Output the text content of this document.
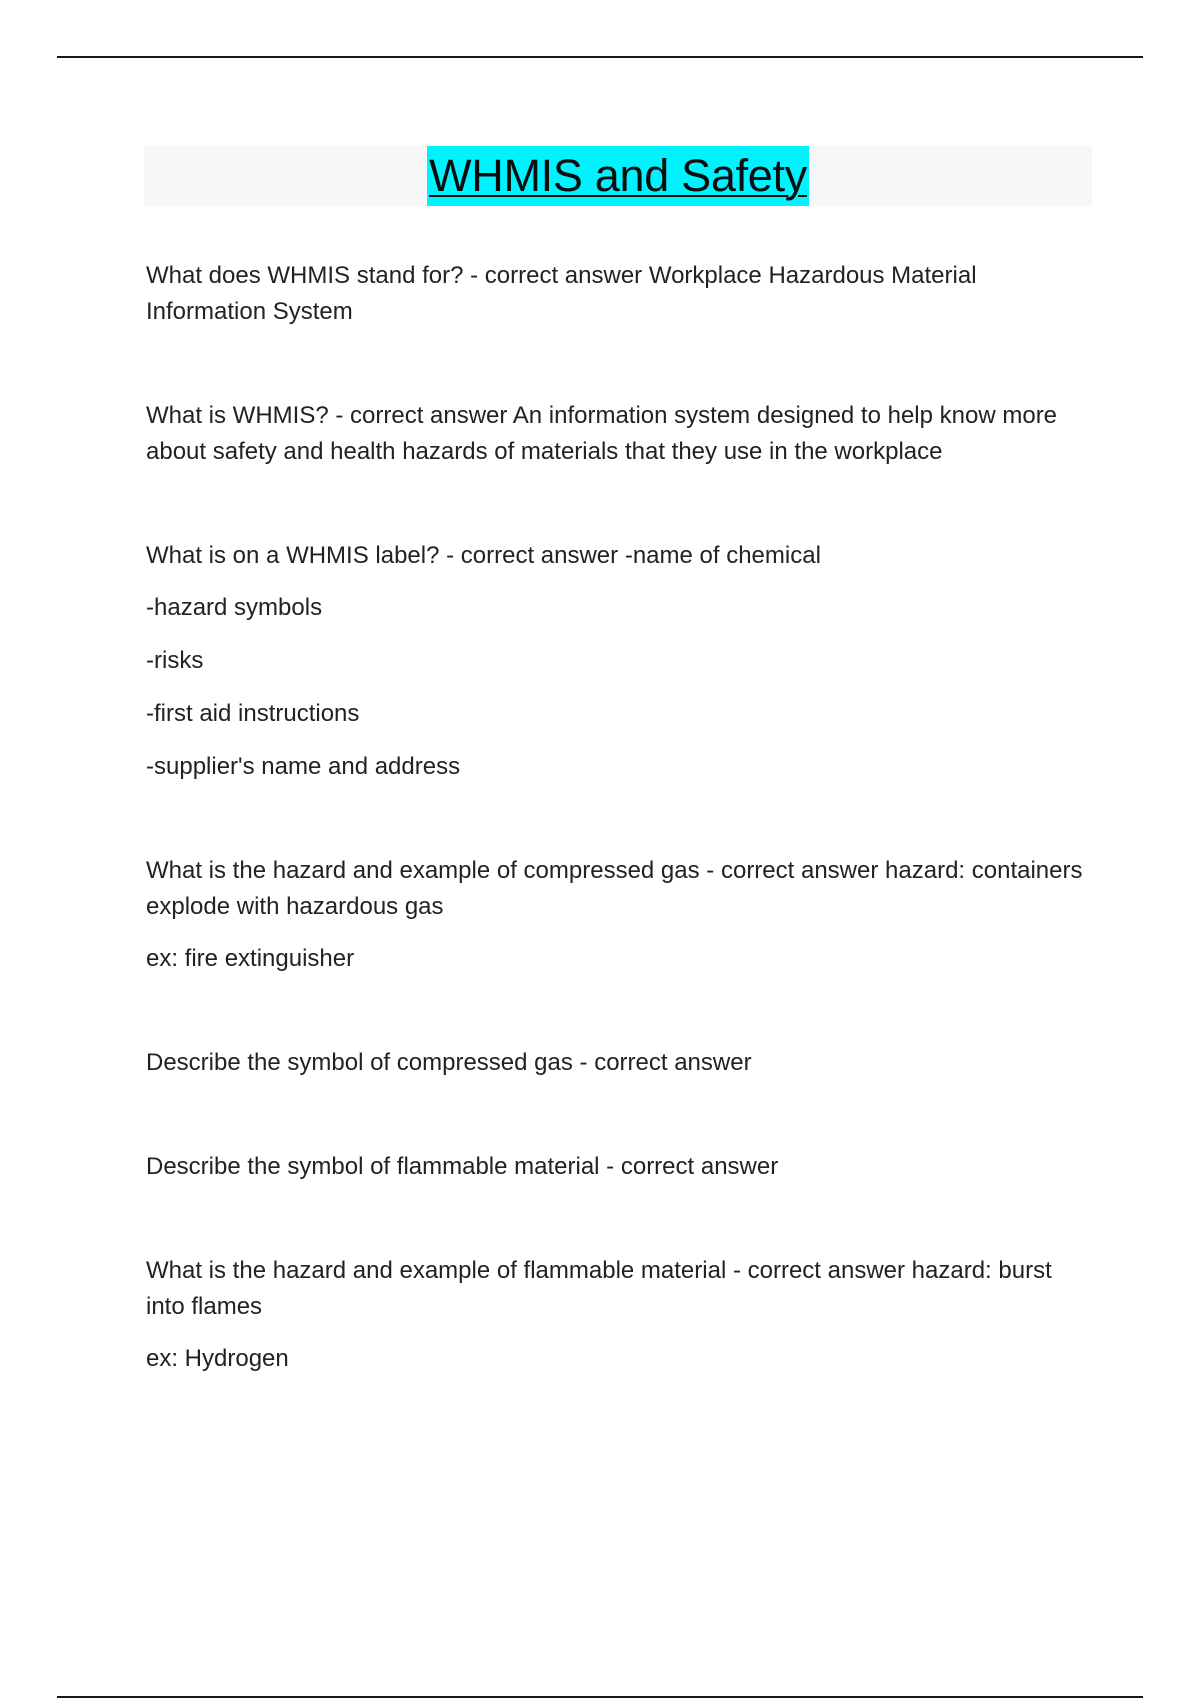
WHMIS and Safety
What does WHMIS stand for? - correct answer Workplace Hazardous Material Information System
What is WHMIS? - correct answer An information system designed to help know more about safety and health hazards of materials that they use in the workplace
What is on a WHMIS label? - correct answer -name of chemical
-hazard symbols
-risks
-first aid instructions
-supplier's name and address
What is the hazard and example of compressed gas - correct answer hazard: containers explode with hazardous gas
ex: fire extinguisher
Describe the symbol of compressed gas - correct answer
Describe the symbol of flammable material - correct answer
What is the hazard and example of flammable material - correct answer hazard: burst into flames
ex: Hydrogen
